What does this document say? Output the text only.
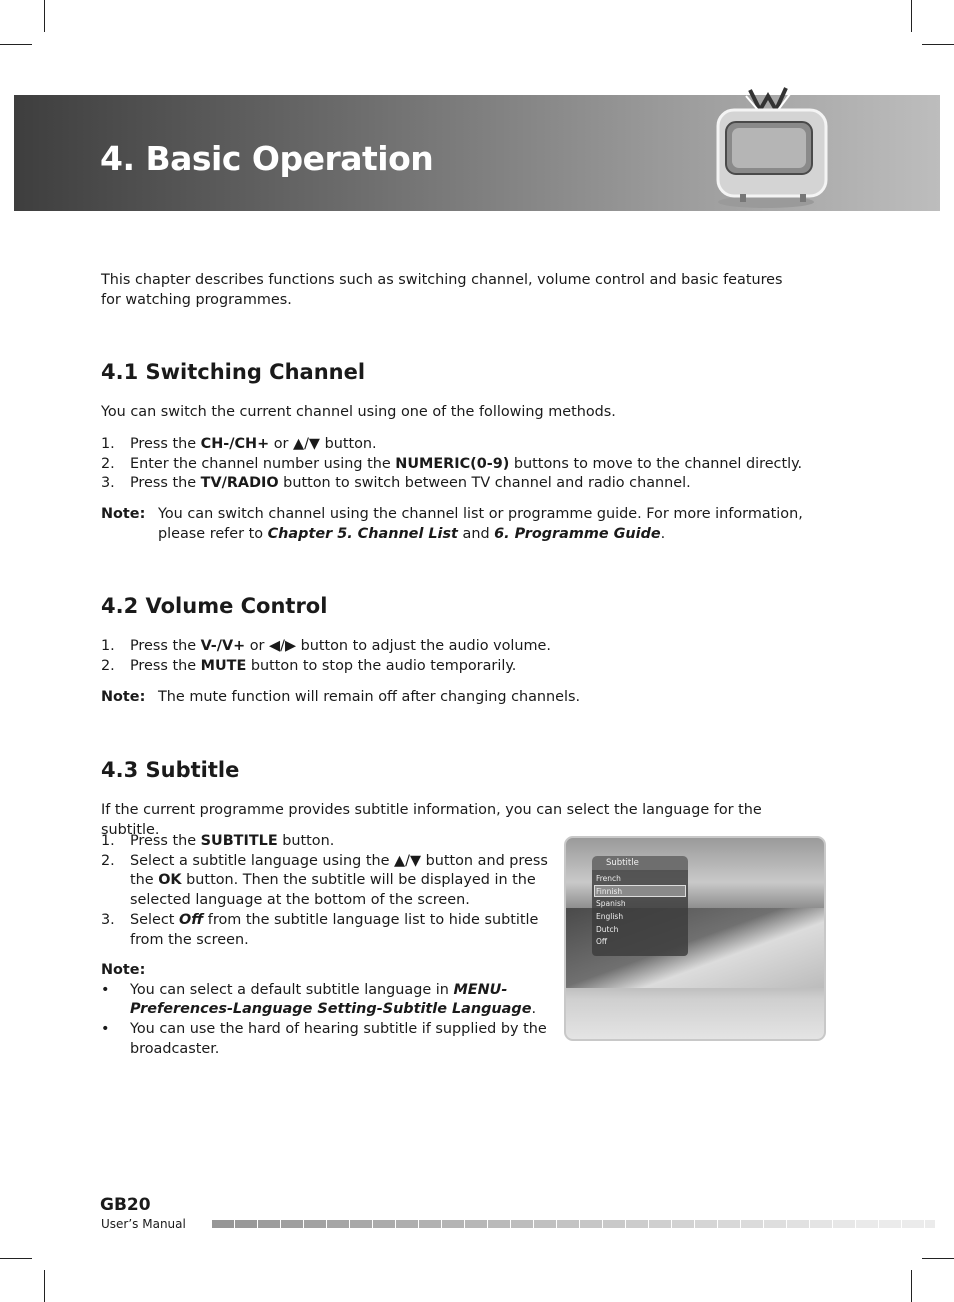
4. Basic Operation
This chapter describes functions such as switching channel, volume control and basic features for watching programmes.
4.1 Switching Channel
You can switch the current channel using one of the following methods.
1. Press the CH-/CH+ or ▲/▼ button.
2. Enter the channel number using the NUMERIC(0-9) buttons to move to the channel directly.
3. Press the TV/RADIO button to switch between TV channel and radio channel.
Note: You can switch channel using the channel list or programme guide. For more information, please refer to Chapter 5. Channel List and 6. Programme Guide.
4.2 Volume Control
1. Press the V-/V+ or ◀/▶ button to adjust the audio volume.
2. Press the MUTE button to stop the audio temporarily.
Note: The mute function will remain off after changing channels.
4.3 Subtitle
If the current programme provides subtitle information, you can select the language for the subtitle.
1. Press the SUBTITLE button.
2. Select a subtitle language using the ▲/▼ button and press the OK button. Then the subtitle will be displayed in the selected language at the bottom of the screen.
3. Select Off from the subtitle language list to hide subtitle from the screen.
Note:
• You can select a default subtitle language in MENU-Preferences-Language Setting-Subtitle Language.
• You can use the hard of hearing subtitle if supplied by the broadcaster.
Subtitle
French
Finnish
Spanish
English
Dutch
Off
GB20
User’s Manual
